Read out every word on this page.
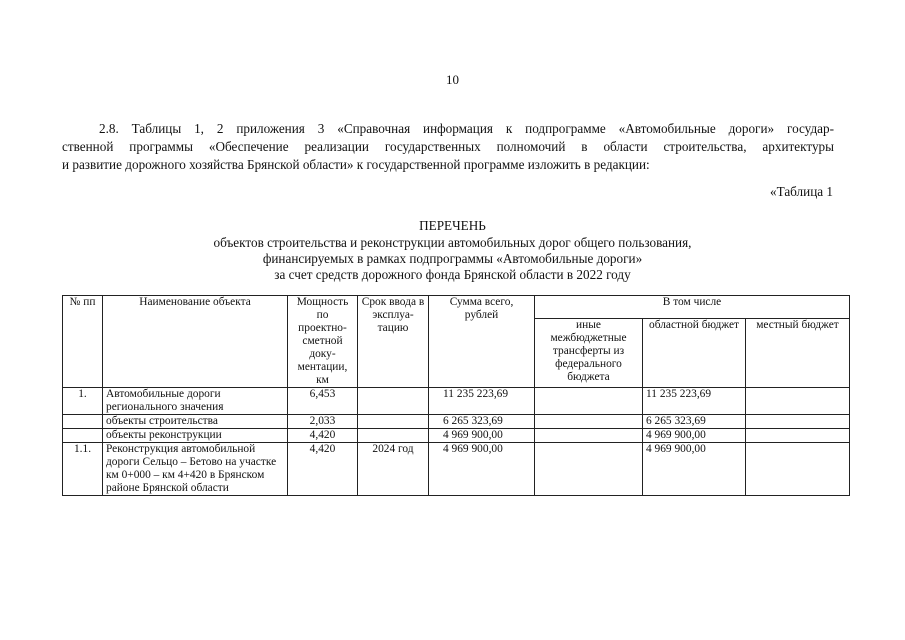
10
2.8. Таблицы 1, 2 приложения 3 «Справочная информация к подпрограмме «Автомобильные дороги» государ-
ственной программы «Обеспечение реализации государственных полномочий в области строительства, архитектуры
и развитие дорожного хозяйства Брянской области» к государственной программе изложить в редакции:
«Таблица 1
ПЕРЕЧЕНЬ
объектов строительства и реконструкции автомобильных дорог общего пользования,
финансируемых в рамках подпрограммы «Автомобильные дороги»
за счет средств дорожного фонда Брянской области в 2022 году
№ пп	Наименование объекта	Мощность по проектно-сметной доку-ментации, км	Срок ввода в эксплуа-тацию	Сумма всего, рублей	В том числе		
					иные межбюджетные трансферты из федерального бюджета	областной бюджет	местный бюджет
1.	Автомобильные дороги регионального значения	6,453		11 235 223,69		11 235 223,69	
	объекты строительства	2,033		6 265 323,69		6 265 323,69	
	объекты реконструкции	4,420		4 969 900,00		4 969 900,00	
1.1.	Реконструкция автомобильной дороги Сельцо – Бетово на участке км 0+000 – км 4+420 в Брянском районе Брянской области	4,420	2024 год	4 969 900,00		4 969 900,00	
